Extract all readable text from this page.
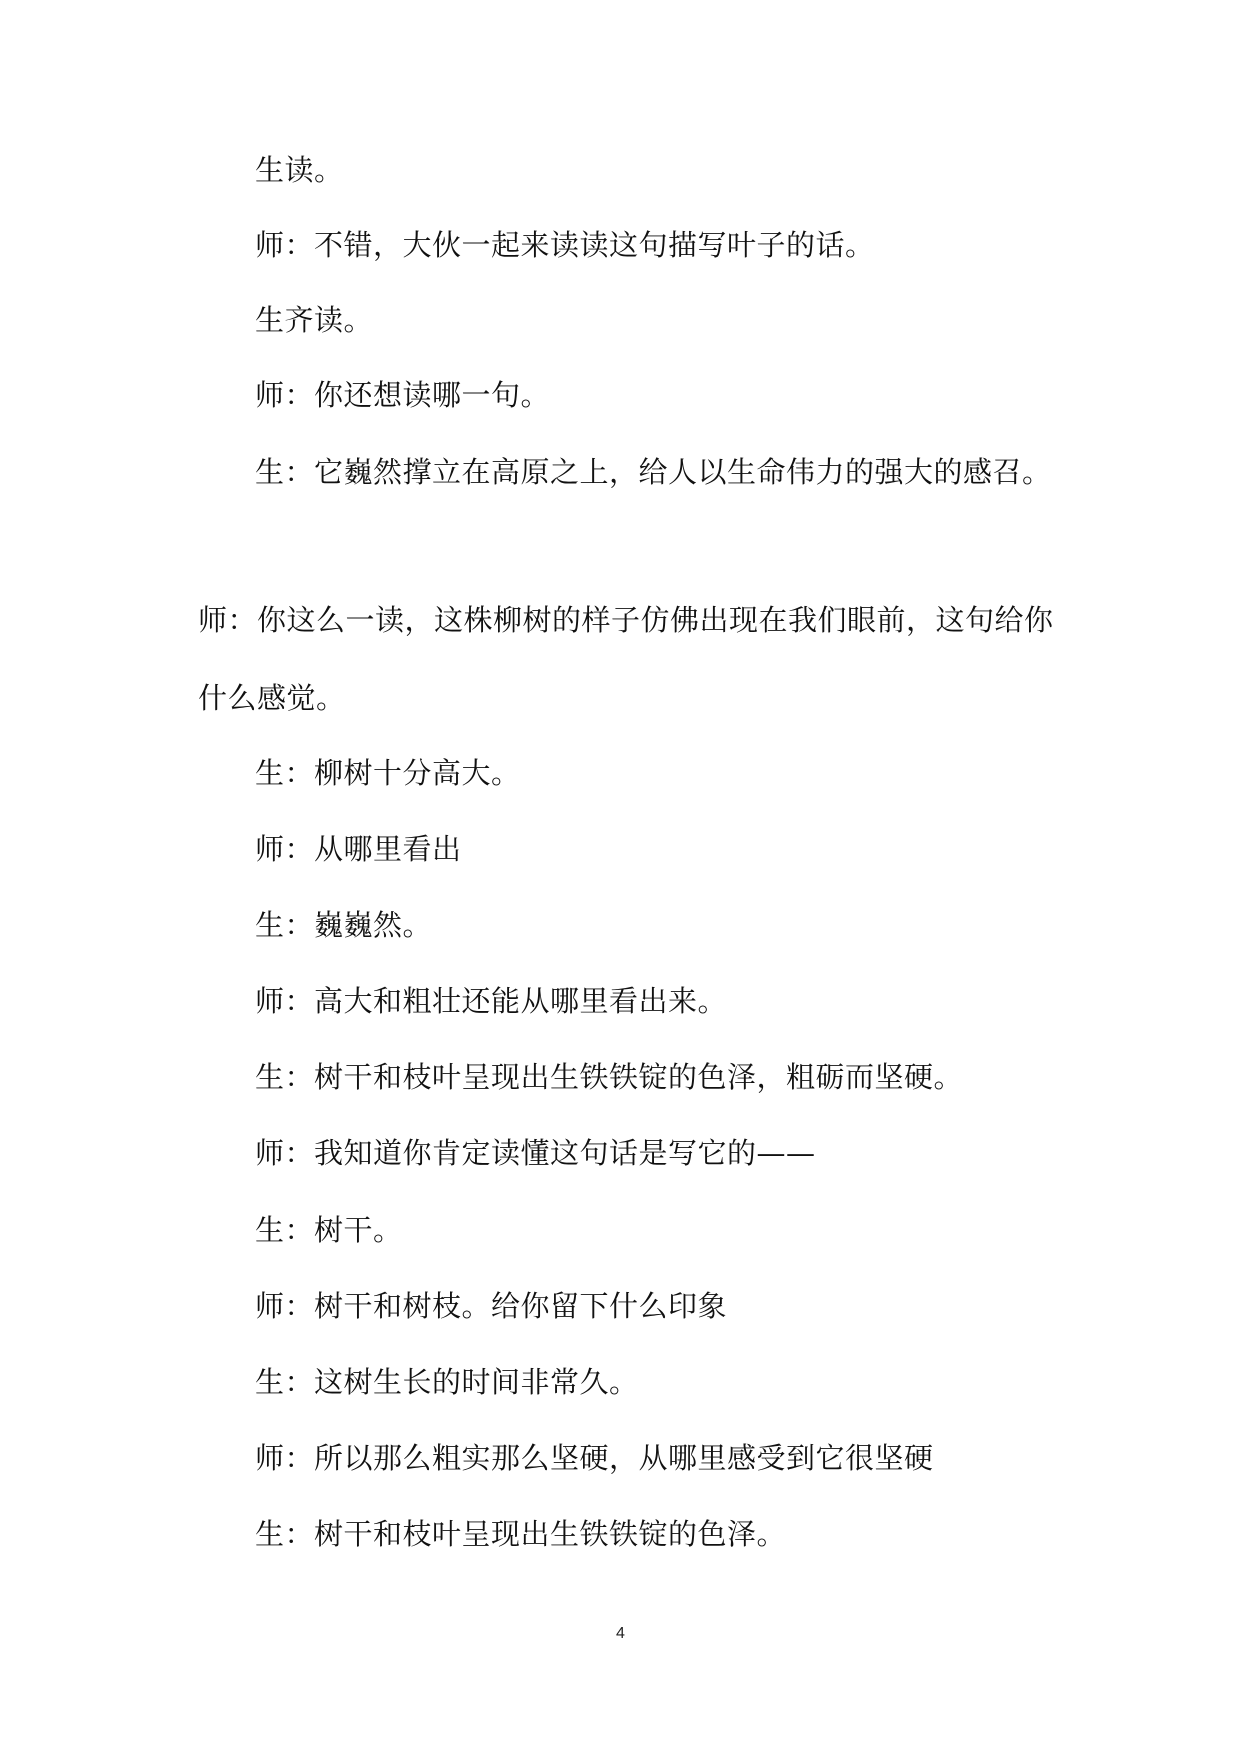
生读。
师：不错，大伙一起来读读这句描写叶子的话。
生齐读。
师：你还想读哪一句。
生：它巍然撑立在高原之上，给人以生命伟力的强大的感召。
师：你这么一读，这株柳树的样子仿佛出现在我们眼前，这句给你
什么感觉。
生：柳树十分高大。
师：从哪里看出
生：巍巍然。
师：高大和粗壮还能从哪里看出来。
生：树干和枝叶呈现出生铁铁锭的色泽，粗砺而坚硬。
师：我知道你肯定读懂这句话是写它的——
生：树干。
师：树干和树枝。给你留下什么印象
生：这树生长的时间非常久。
师：所以那么粗实那么坚硬，从哪里感受到它很坚硬
生：树干和枝叶呈现出生铁铁锭的色泽。
4
